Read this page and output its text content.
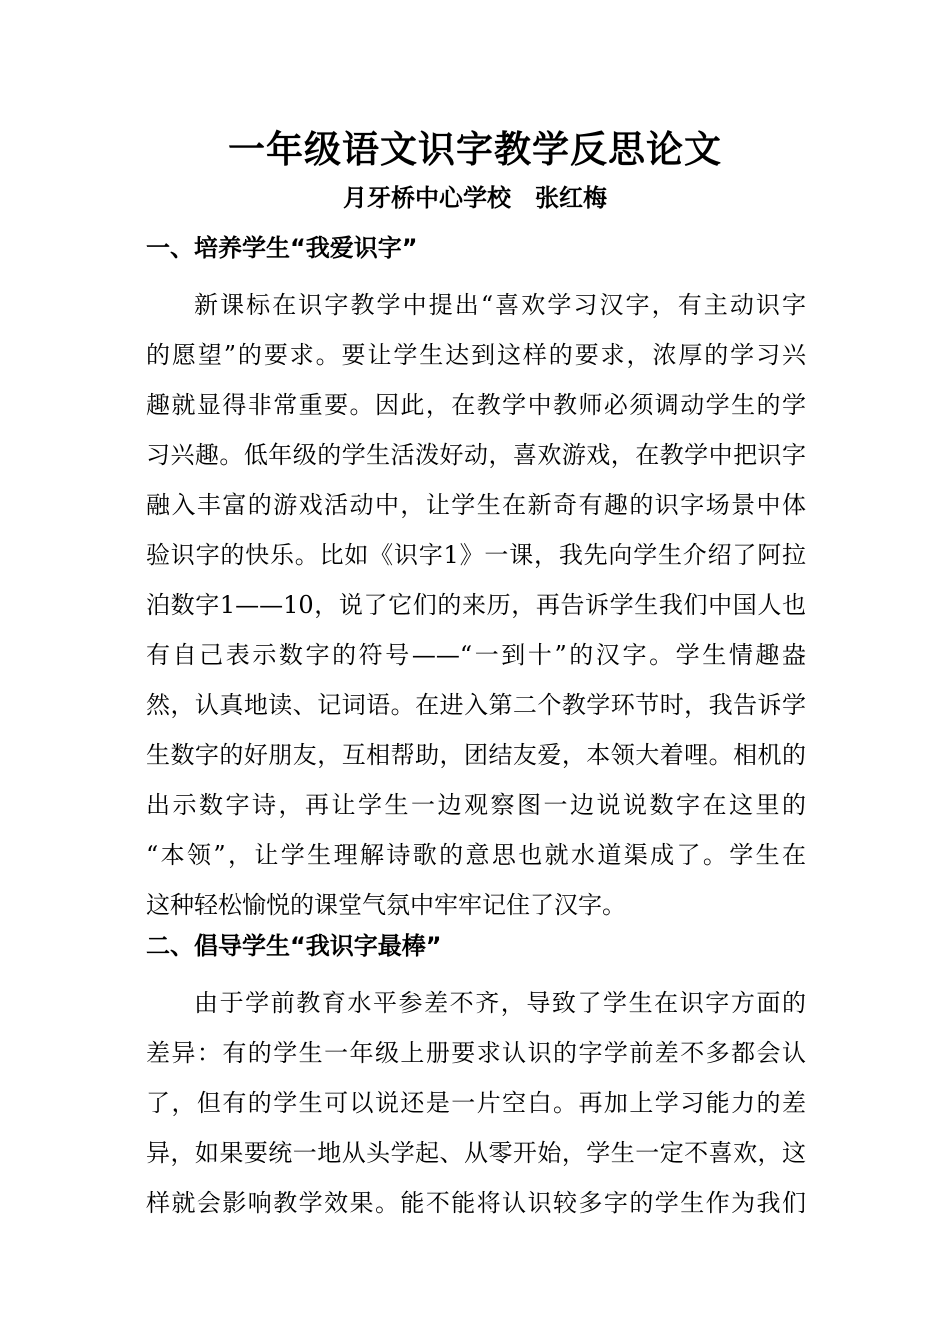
一年级语文识字教学反思论文
月牙桥中心学校　张红梅
一、培养学生“我爱识字”
新课标在识字教学中提出“喜欢学习汉字，有主动识字
的愿望”的要求。要让学生达到这样的要求，浓厚的学习兴
趣就显得非常重要。因此，在教学中教师必须调动学生的学
习兴趣。低年级的学生活泼好动，喜欢游戏，在教学中把识字
融入丰富的游戏活动中，让学生在新奇有趣的识字场景中体
验识字的快乐。比如《识字1》一课，我先向学生介绍了阿拉
泊数字1——10，说了它们的来历，再告诉学生我们中国人也
有自己表示数字的符号——“一到十”的汉字。学生情趣盎
然，认真地读、记词语。在进入第二个教学环节时，我告诉学
生数字的好朋友，互相帮助，团结友爱，本领大着哩。相机的
出示数字诗，再让学生一边观察图一边说说数字在这里的
“本领”，让学生理解诗歌的意思也就水道渠成了。学生在
这种轻松愉悦的课堂气氛中牢牢记住了汉字。
二、倡导学生“我识字最棒”
由于学前教育水平参差不齐，导致了学生在识字方面的
差异：有的学生一年级上册要求认识的字学前差不多都会认
了，但有的学生可以说还是一片空白。再加上学习能力的差
异，如果要统一地从头学起、从零开始，学生一定不喜欢，这
样就会影响教学效果。能不能将认识较多字的学生作为我们
